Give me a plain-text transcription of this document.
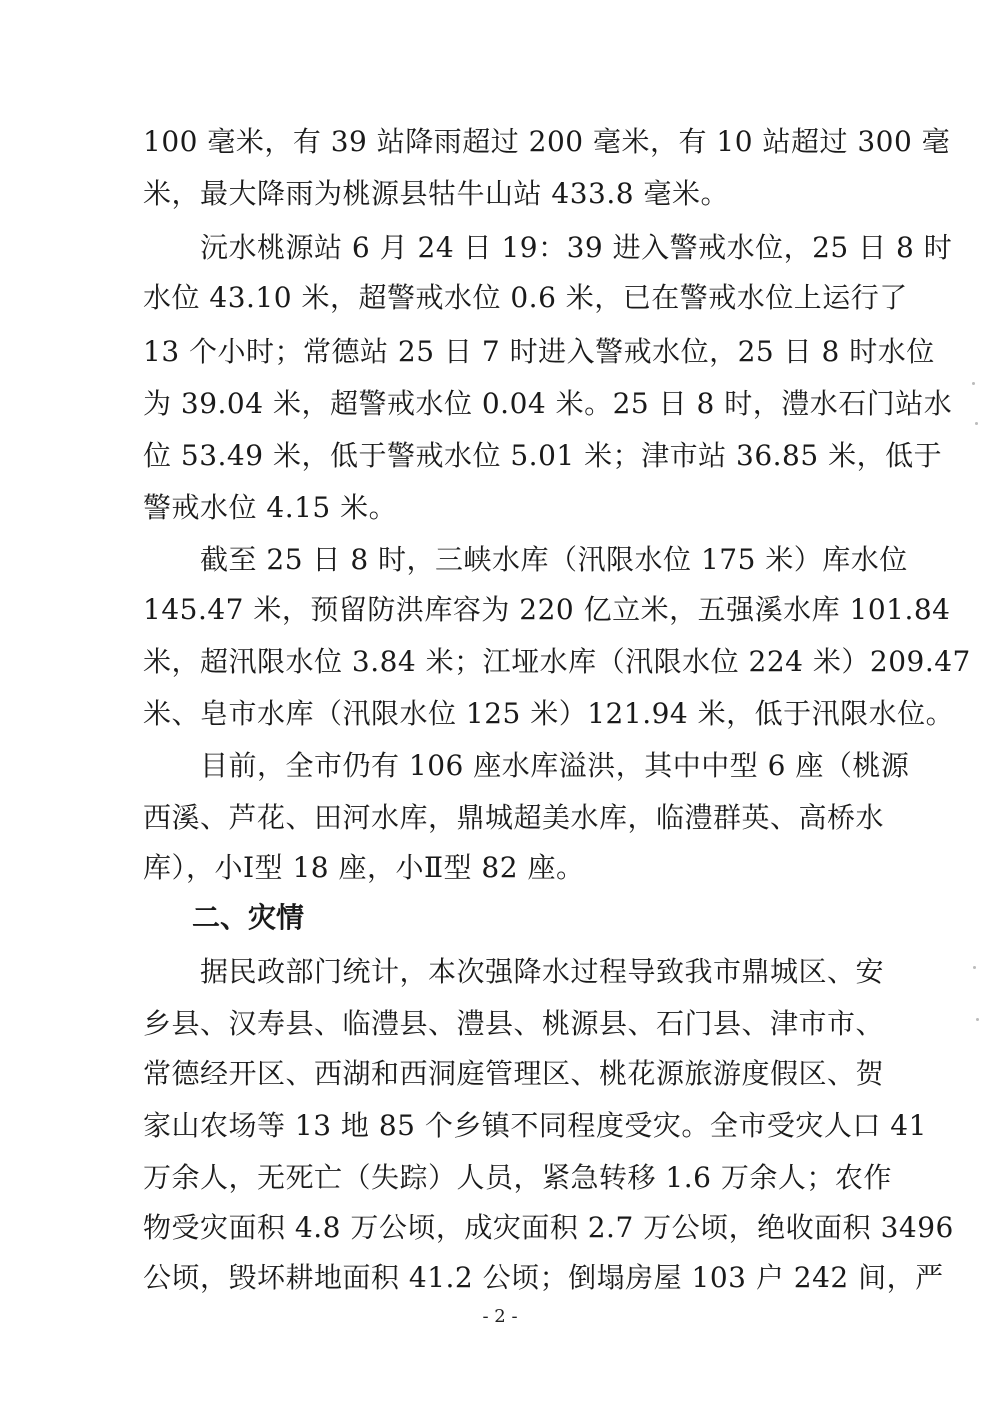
100 毫米，有 39 站降雨超过 200 毫米，有 10 站超过 300 毫
米，最大降雨为桃源县牯牛山站 433.8 毫米。
沅水桃源站 6 月 24 日 19：39 进入警戒水位，25 日 8 时
水位 43.10 米，超警戒水位 0.6 米，已在警戒水位上运行了
13 个小时；常德站 25 日 7 时进入警戒水位，25 日 8 时水位
为 39.04 米，超警戒水位 0.04 米。25 日 8 时，澧水石门站水
位 53.49 米，低于警戒水位 5.01 米；津市站 36.85 米，低于
警戒水位 4.15 米。
截至 25 日 8 时，三峡水库（汛限水位 175 米）库水位
145.47 米，预留防洪库容为 220 亿立米，五强溪水库 101.84
米，超汛限水位 3.84 米；江垭水库（汛限水位 224 米）209.47
米、皂市水库（汛限水位 125 米）121.94 米，低于汛限水位。
目前，全市仍有 106 座水库溢洪，其中中型 6 座（桃源
西溪、芦花、田河水库，鼎城超美水库，临澧群英、高桥水
库），小Ⅰ型 18 座，小Ⅱ型 82 座。
二、灾情
据民政部门统计，本次强降水过程导致我市鼎城区、安
乡县、汉寿县、临澧县、澧县、桃源县、石门县、津市市、
常德经开区、西湖和西洞庭管理区、桃花源旅游度假区、贺
家山农场等 13 地 85 个乡镇不同程度受灾。全市受灾人口 41
万余人，无死亡（失踪）人员，紧急转移 1.6 万余人；农作
物受灾面积 4.8 万公顷，成灾面积 2.7 万公顷，绝收面积 3496
公顷，毁坏耕地面积 41.2 公顷；倒塌房屋 103 户 242 间，严
- 2 -
